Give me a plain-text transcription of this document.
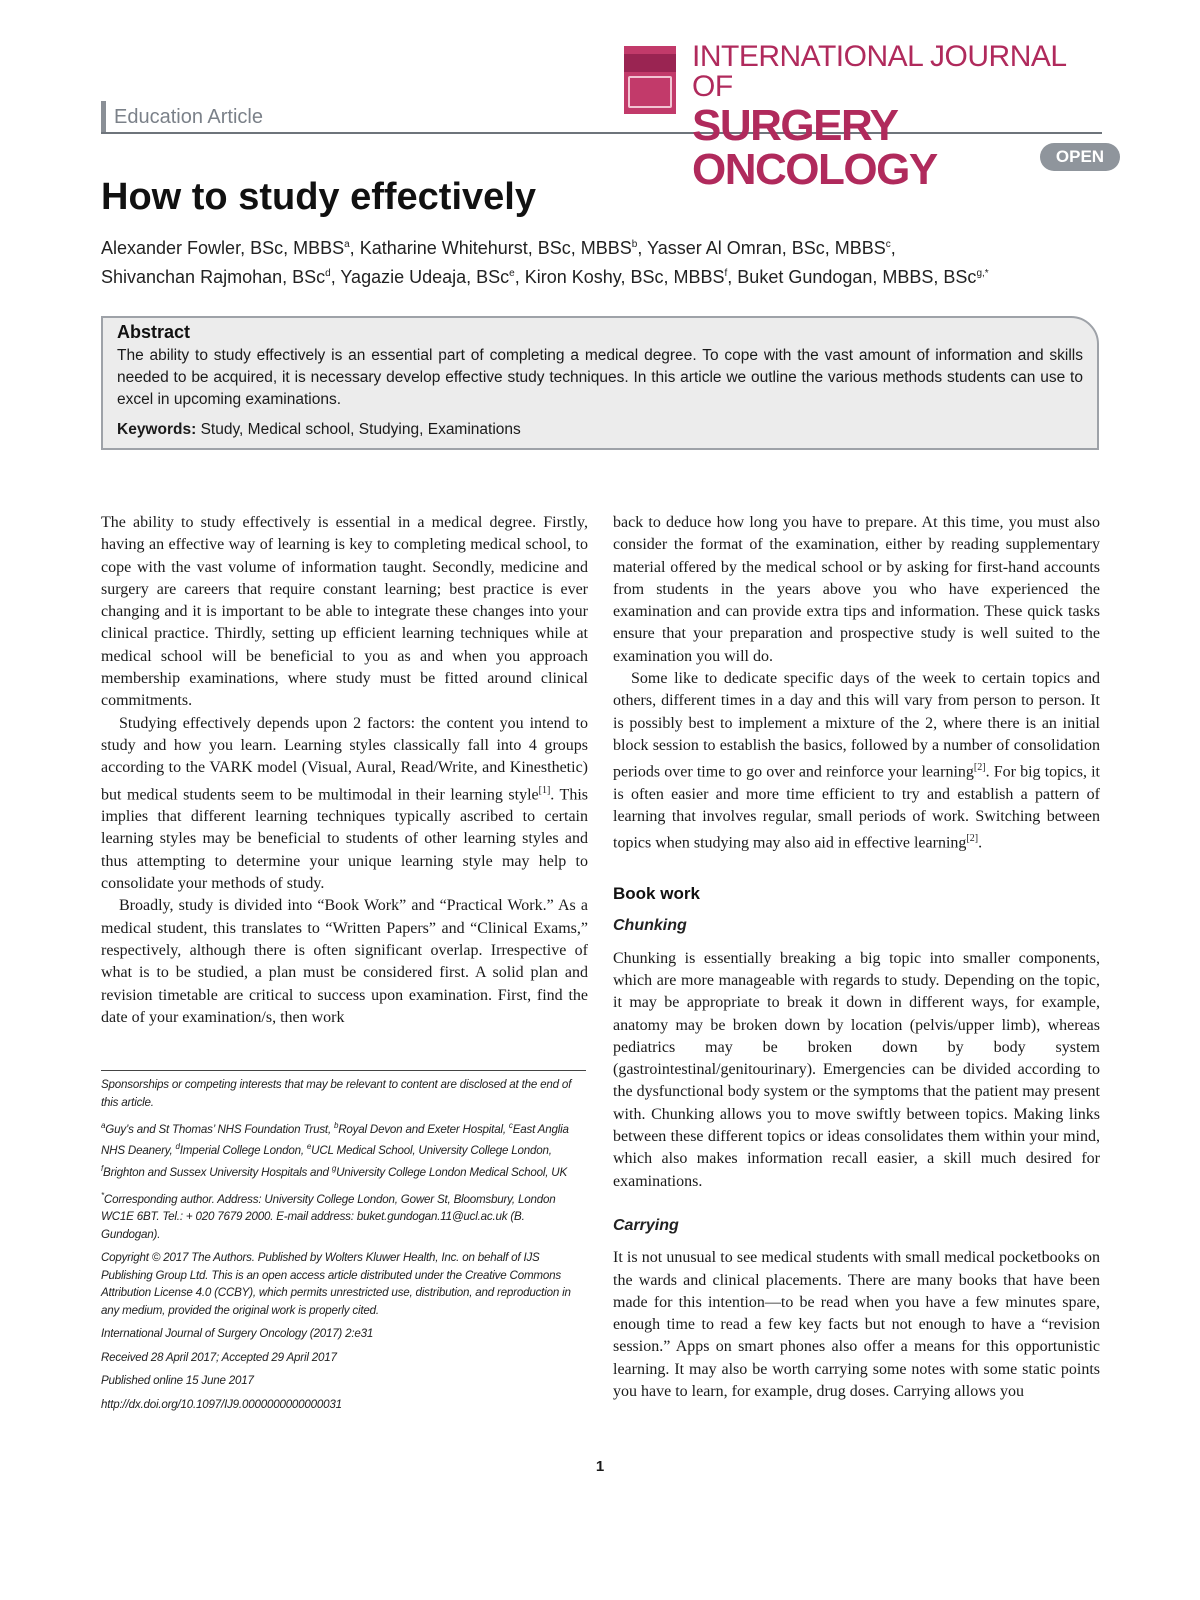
Education Article
INTERNATIONAL JOURNAL OF
SURGERY ONCOLOGY	OPEN
How to study effectively
Alexander Fowler, BSc, MBBS$^a$, Katharine Whitehurst, BSc, MBBS$^b$, Yasser Al Omran, BSc, MBBS$^c$,
Shivanchan Rajmohan, BSc$^d$, Yagazie Udeaja, BSc$^e$, Kiron Koshy, BSc, MBBS$^f$, Buket Gundogan, MBBS, BSc$^{g,*}$
Abstract

The ability to study effectively is an essential part of completing a medical degree. To cope with the vast amount of information and skills needed to be acquired, it is necessary develop effective study techniques. In this article we outline the various methods students can use to excel in upcoming examinations.

Keywords: Study, Medical school, Studying, Examinations

The ability to study effectively is essential in a medical degree. Firstly, having an effective way of learning is key to completing medical school, to cope with the vast volume of information taught. Secondly, medicine and surgery are careers that require constant learning; best practice is ever changing and it is important to be able to integrate these changes into your clinical practice. Thirdly, setting up efficient learning techniques while at medical school will be beneficial to you as and when you approach membership examinations, where study must be fitted around clinical commitments.

Studying effectively depends upon 2 factors: the content you intend to study and how you learn. Learning styles classically fall into 4 groups according to the VARK model (Visual, Aural, Read/Write, and Kinesthetic) but medical students seem to be multimodal in their learning style[1]. This implies that different learning techniques typically ascribed to certain learning styles may be beneficial to students of other learning styles and thus attempting to determine your unique learning style may help to consolidate your methods of study.

Broadly, study is divided into “Book Work” and “Practical Work.” As a medical student, this translates to “Written Papers” and “Clinical Exams,” respectively, although there is often significant overlap. Irrespective of what is to be studied, a plan must be considered first. A solid plan and revision timetable are critical to success upon examination. First, find the date of your examination/s, then work

Sponsorships or competing interests that may be relevant to content are disclosed at the end of this article.

$^a$Guy’s and St Thomas’ NHS Foundation Trust, $^b$Royal Devon and Exeter Hospital, $^c$East Anglia NHS Deanery, $^d$Imperial College London, $^e$UCL Medical School, University College London, $^f$Brighton and Sussex University Hospitals and $^g$University College London Medical School, UK

*Corresponding author. Address: University College London, Gower St, Bloomsbury, London WC1E 6BT. Tel.: + 020 7679 2000. E-mail address: buket.gundogan.11@ucl.ac.uk (B. Gundogan).

Copyright © 2017 The Authors. Published by Wolters Kluwer Health, Inc. on behalf of IJS Publishing Group Ltd. This is an open access article distributed under the Creative Commons Attribution License 4.0 (CCBY), which permits unrestricted use, distribution, and reproduction in any medium, provided the original work is properly cited.

International Journal of Surgery Oncology (2017) 2:e31

Received 28 April 2017; Accepted 29 April 2017

Published online 15 June 2017

http://dx.doi.org/10.1097/IJ9.0000000000000031

back to deduce how long you have to prepare. At this time, you must also consider the format of the examination, either by reading supplementary material offered by the medical school or by asking for first-hand accounts from students in the years above you who have experienced the examination and can provide extra tips and information. These quick tasks ensure that your preparation and prospective study is well suited to the examination you will do.

Some like to dedicate specific days of the week to certain topics and others, different times in a day and this will vary from person to person. It is possibly best to implement a mixture of the 2, where there is an initial block session to establish the basics, followed by a number of consolidation periods over time to go over and reinforce your learning[2]. For big topics, it is often easier and more time efficient to try and establish a pattern of learning that involves regular, small periods of work. Switching between topics when studying may also aid in effective learning[2].

Book work
Chunking

Chunking is essentially breaking a big topic into smaller components, which are more manageable with regards to study. Depending on the topic, it may be appropriate to break it down in different ways, for example, anatomy may be broken down by location (pelvis/upper limb), whereas pediatrics may be broken down by body system (gastrointestinal/genitourinary). Emergencies can be divided according to the dysfunctional body system or the symptoms that the patient may present with. Chunking allows you to move swiftly between topics. Making links between these different topics or ideas consolidates them within your mind, which also makes information recall easier, a skill much desired for examinations.

Carrying

It is not unusual to see medical students with small medical pocketbooks on the wards and clinical placements. There are many books that have been made for this intention—to be read when you have a few minutes spare, enough time to read a few key facts but not enough to have a “revision session.” Apps on smart phones also offer a means for this opportunistic learning. It may also be worth carrying some notes with some static points you have to learn, for example, drug doses. Carrying allows you

1
